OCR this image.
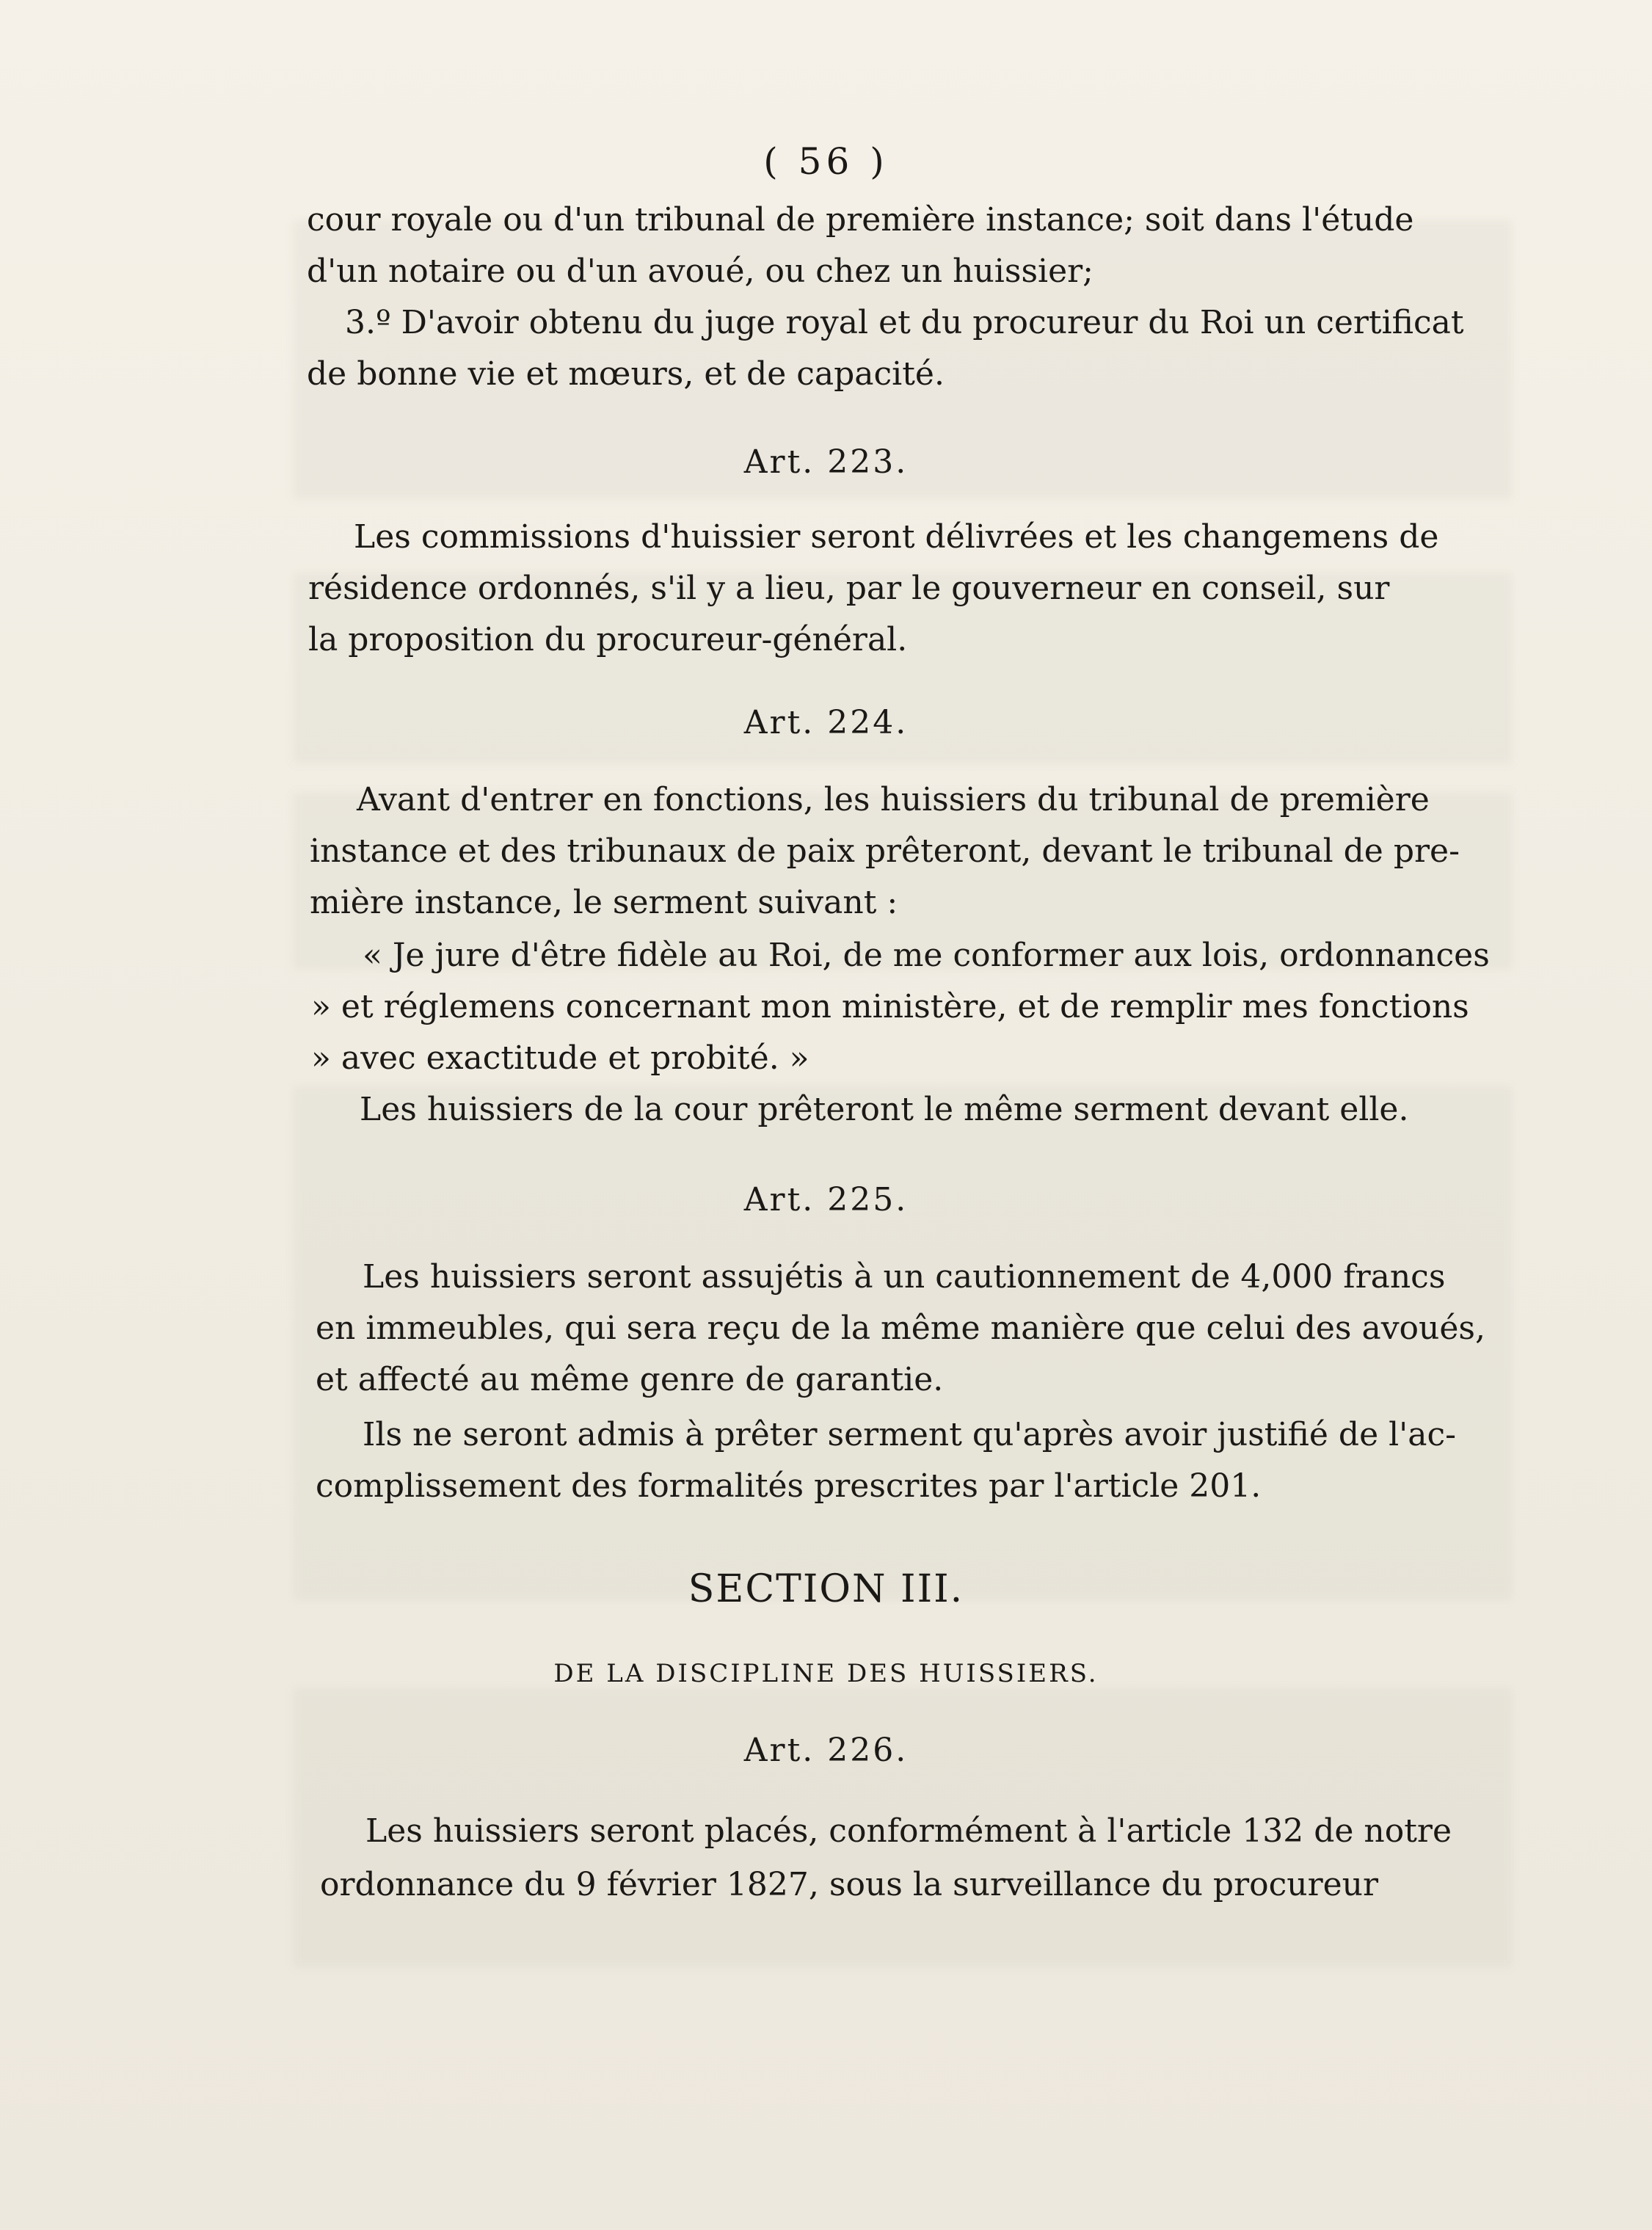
( 56 )
cour royale ou d'un tribunal de première instance; soit dans l'étude
d'un notaire ou d'un avoué, ou chez un huissier;
3.º D'avoir obtenu du juge royal et du procureur du Roi un certificat
de bonne vie et mœurs, et de capacité.
Art. 223.
Les commissions d'huissier seront délivrées et les changemens de
résidence ordonnés, s'il y a lieu, par le gouverneur en conseil, sur
la proposition du procureur-général.
Art. 224.
Avant d'entrer en fonctions, les huissiers du tribunal de première
instance et des tribunaux de paix prêteront, devant le tribunal de pre-
mière instance, le serment suivant :
« Je jure d'être fidèle au Roi, de me conformer aux lois, ordonnances
» et réglemens concernant mon ministère, et de remplir mes fonctions
» avec exactitude et probité. »
Les huissiers de la cour prêteront le même serment devant elle.
Art. 225.
Les huissiers seront assujétis à un cautionnement de 4,000 francs
en immeubles, qui sera reçu de la même manière que celui des avoués,
et affecté au même genre de garantie.
Ils ne seront admis à prêter serment qu'après avoir justifié de l'ac-
complissement des formalités prescrites par l'article 201.
SECTION III.
DE LA DISCIPLINE DES HUISSIERS.
Art. 226.
Les huissiers seront placés, conformément à l'article 132 de notre
ordonnance du 9 février 1827, sous la surveillance du procureur
